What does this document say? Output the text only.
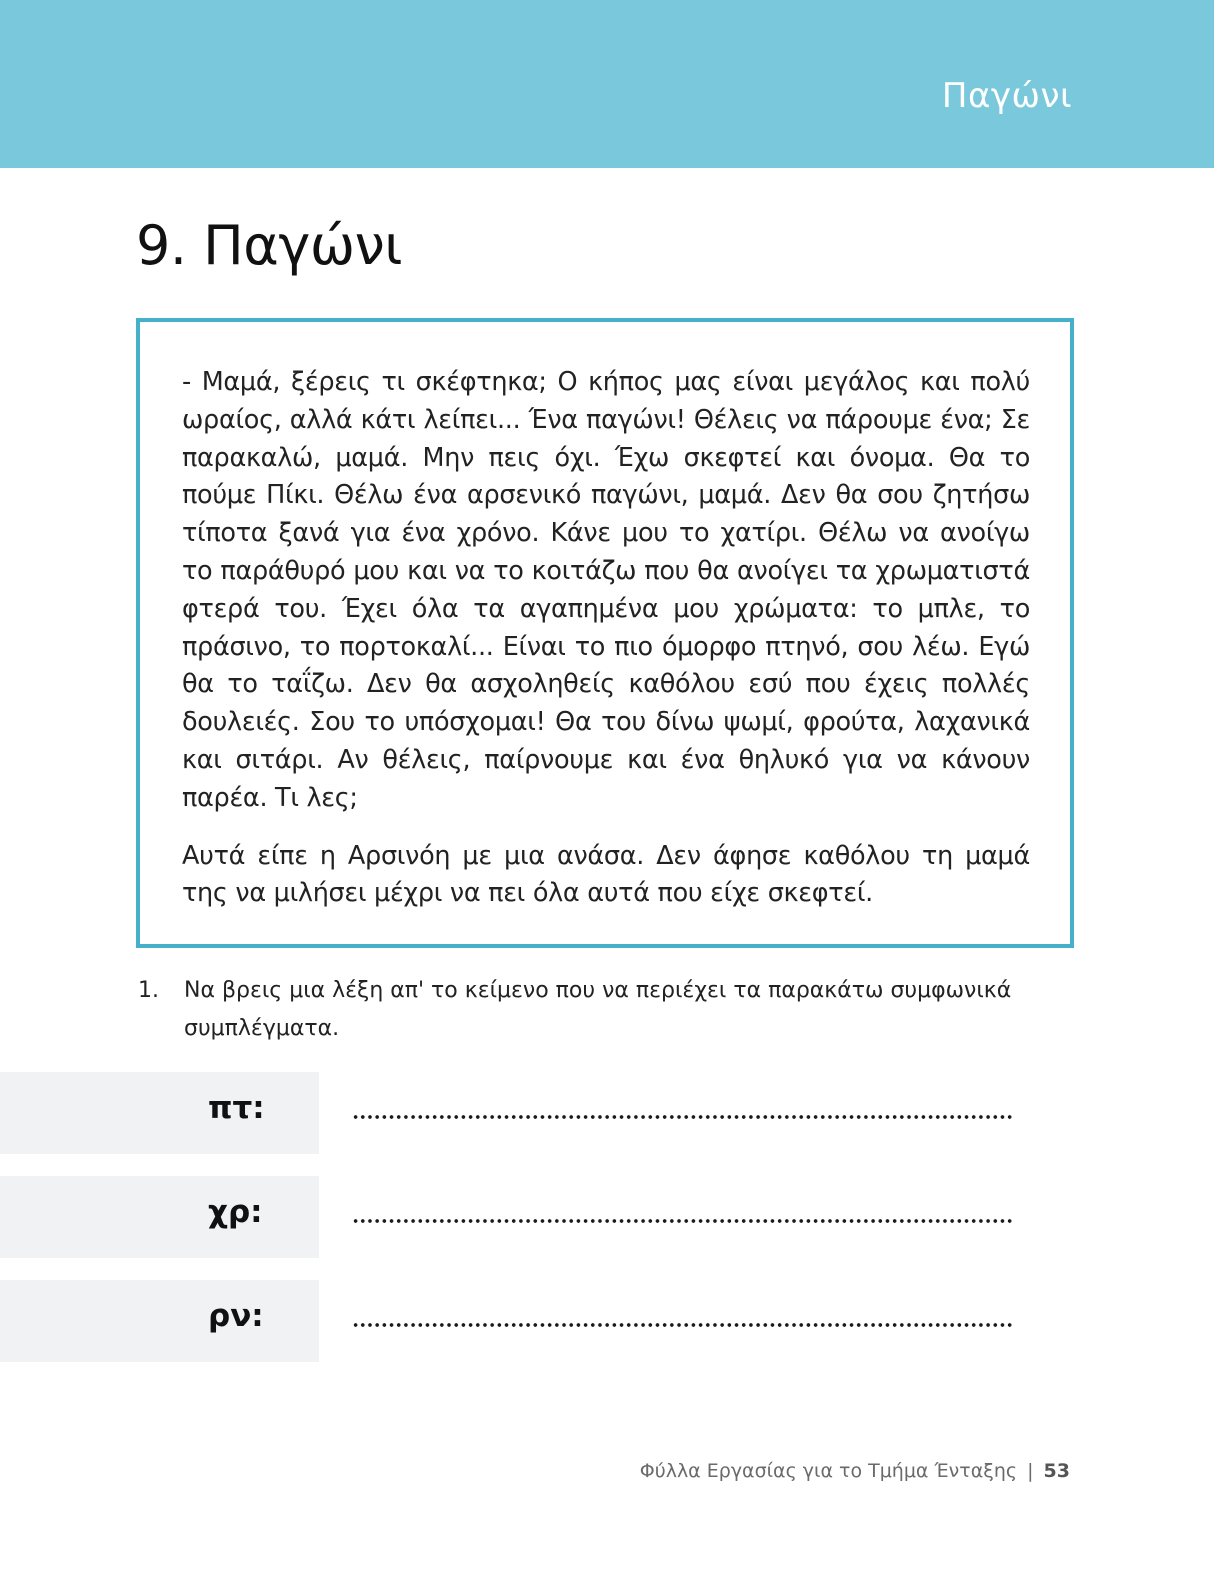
Παγώνι
9. Παγώνι

- Μαμά, ξέρεις τι σκέφτηκα; Ο κήπος μας είναι μεγάλος και πολύ ωραίος, αλλά κάτι λείπει... Ένα παγώνι! Θέλεις να πάρουμε ένα; Σε παρακαλώ, μαμά. Μην πεις όχι. Έχω σκεφτεί και όνομα. Θα το πούμε Πίκι. Θέλω ένα αρσενικό παγώνι, μαμά. Δεν θα σου ζητήσω τίποτα ξανά για ένα χρόνο. Κάνε μου το χατίρι. Θέλω να ανοίγω το παράθυρό μου και να το κοιτάζω που θα ανοίγει τα χρωματιστά φτερά του. Έχει όλα τα αγαπημένα μου χρώματα: το μπλε, το πράσινο, το πορτοκαλί... Είναι το πιο όμορφο πτηνό, σου λέω. Εγώ θα το ταΐζω. Δεν θα ασχοληθείς καθόλου εσύ που έχεις πολλές δουλειές. Σου το υπόσχομαι! Θα του δίνω ψωμί, φρούτα, λαχανικά και σιτάρι. Αν θέλεις, παίρνουμε και ένα θηλυκό για να κάνουν παρέα. Τι λες;

Αυτά είπε η Αρσινόη με μια ανάσα. Δεν άφησε καθόλου τη μαμά της να μιλήσει μέχρι να πει όλα αυτά που είχε σκεφτεί.

1. Να βρεις μια λέξη απ' το κείμενο που να περιέχει τα παρακάτω συμφωνικά συμπλέγματα.
πτ:
χρ:
ρν:
Φύλλα Εργασίας για το Τμήμα Ένταξης | 53
